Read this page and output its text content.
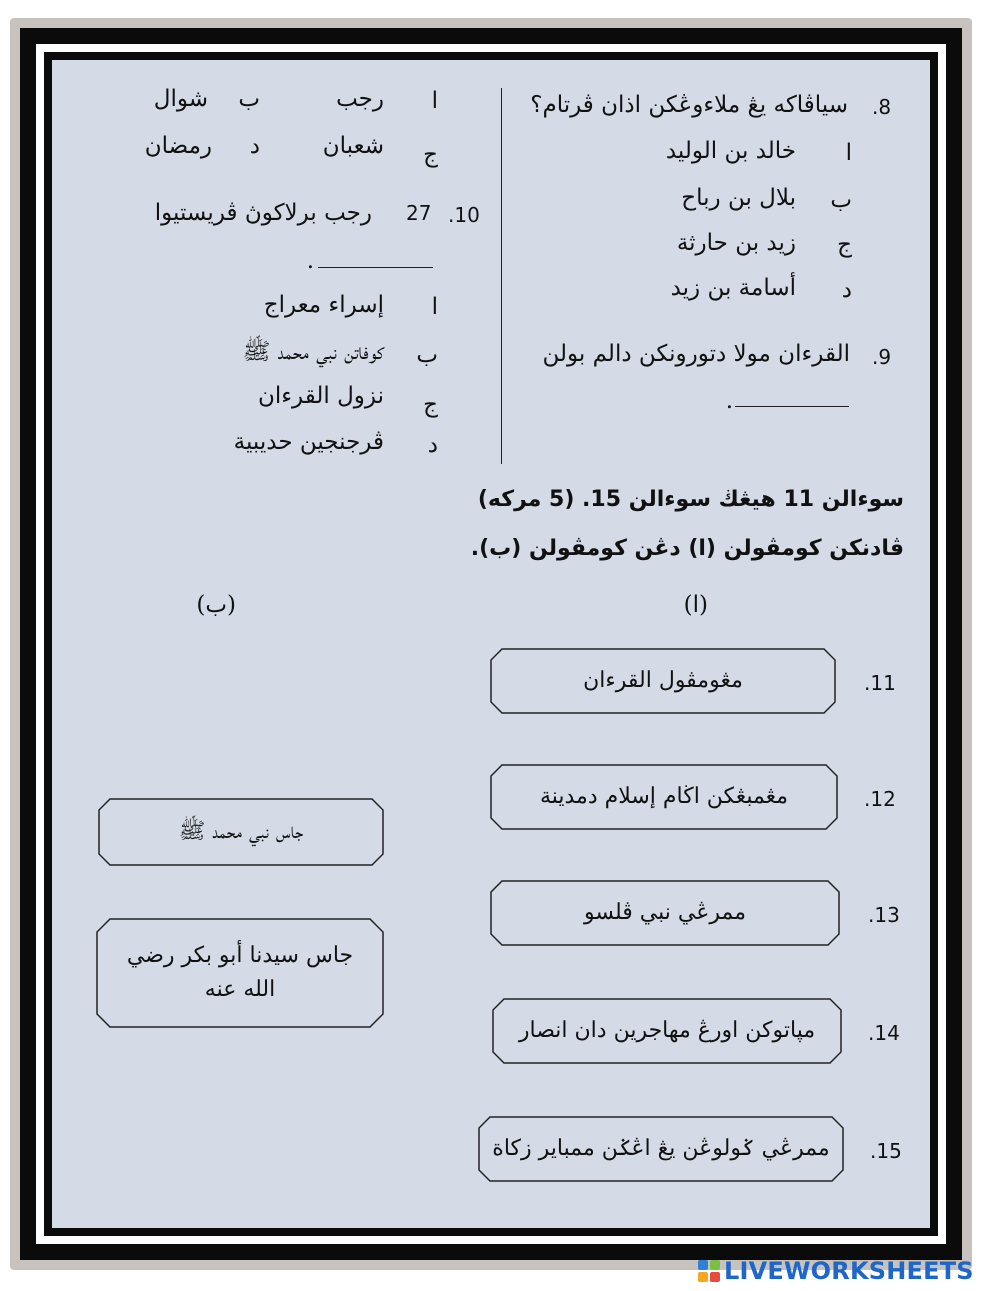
.8
سياڤاكه يڠ ملاءوڠكن اذان ڤرتام؟
ا
خالد بن الوليد
ب
بلال بن رباح
ج
زيد بن حارثة
د
أسامة بن زيد
.9
القرءان مولا دتورونكن دالم بولن
.
ا
رجب
ب
شوال
ج
شعبان
د
رمضان
.10
27
رجب برلاكوڽ ڤريستيوا
.
ا
إسراء معراج
ب
كوفاتن نبي محمد ﷺ
ج
نزول القرءان
د
ڤرجنجين حديبية
سوءالن 11 هيڠڬ سوءالن 15. (5 مركه)
ڤادنكن كومڤولن (ا) دڠن كومڤولن (ب).
(ا)
(ب)
مڠومڤول القرءان	.11
مڠمبڠكن اڬام إسلام دمدينة	.12
ممرڠي نبي ڤلسو	.13
مپاتوكن اورڠ مهاجرين دان انصار	.14
ممرڠي ݢولوڠن يڠ اڠݢن ممباير زكاة	.15
جاس نبي محمد ﷺ
جاس سيدنا أبو بكر رضي
الله عنه
LIVEWORKSHEETS
